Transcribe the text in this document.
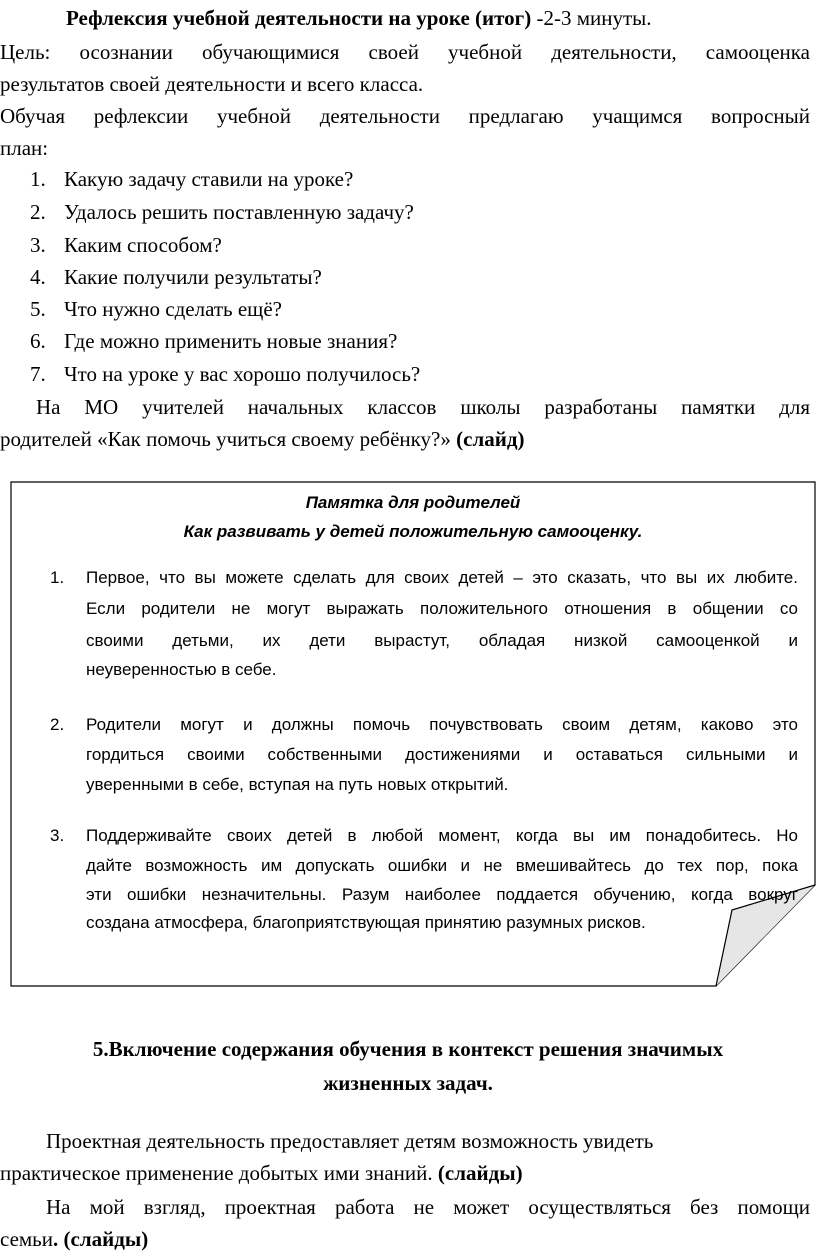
Рефлексия учебной деятельности на уроке (итог) -2-3 минуты.
Цель: осознании обучающимися своей учебной деятельности, самооценка
результатов своей деятельности и всего класса.
Обучая рефлексии учебной деятельности предлагаю учащимся вопросный
план:
1. Какую задачу ставили на уроке?
2. Удалось решить поставленную задачу?
3. Каким способом?
4. Какие получили результаты?
5. Что нужно сделать ещё?
6. Где можно применить новые знания?
7. Что на уроке у вас хорошо получилось?
На МО учителей начальных классов школы разработаны памятки для
родителей «Как помочь учиться своему ребёнку?» (слайд)
Памятка для родителей
Как развивать у детей положительную самооценку.
1. Первое, что вы можете сделать для своих детей – это сказать, что вы их любите.
Если родители не могут выражать положительного отношения в общении со
своими детьми, их дети вырастут, обладая низкой самооценкой и
неуверенностью в себе.
2. Родители могут и должны помочь почувствовать своим детям, каково это
гордиться своими собственными достижениями и оставаться сильными и
уверенными в себе, вступая на путь новых открытий.
3. Поддерживайте своих детей в любой момент, когда вы им понадобитесь. Но
дайте возможность им допускать ошибки и не вмешивайтесь до тех пор, пока
эти ошибки незначительны. Разум наиболее поддается обучению, когда вокруг
создана атмосфера, благоприятствующая принятию разумных рисков.
5.Включение содержания обучения в контекст решения значимых
жизненных задач.
Проектная деятельность предоставляет детям возможность увидеть
практическое применение добытых ими знаний. (слайды)
На мой взгляд, проектная работа не может осуществляться без помощи
семьи. (слайды)
